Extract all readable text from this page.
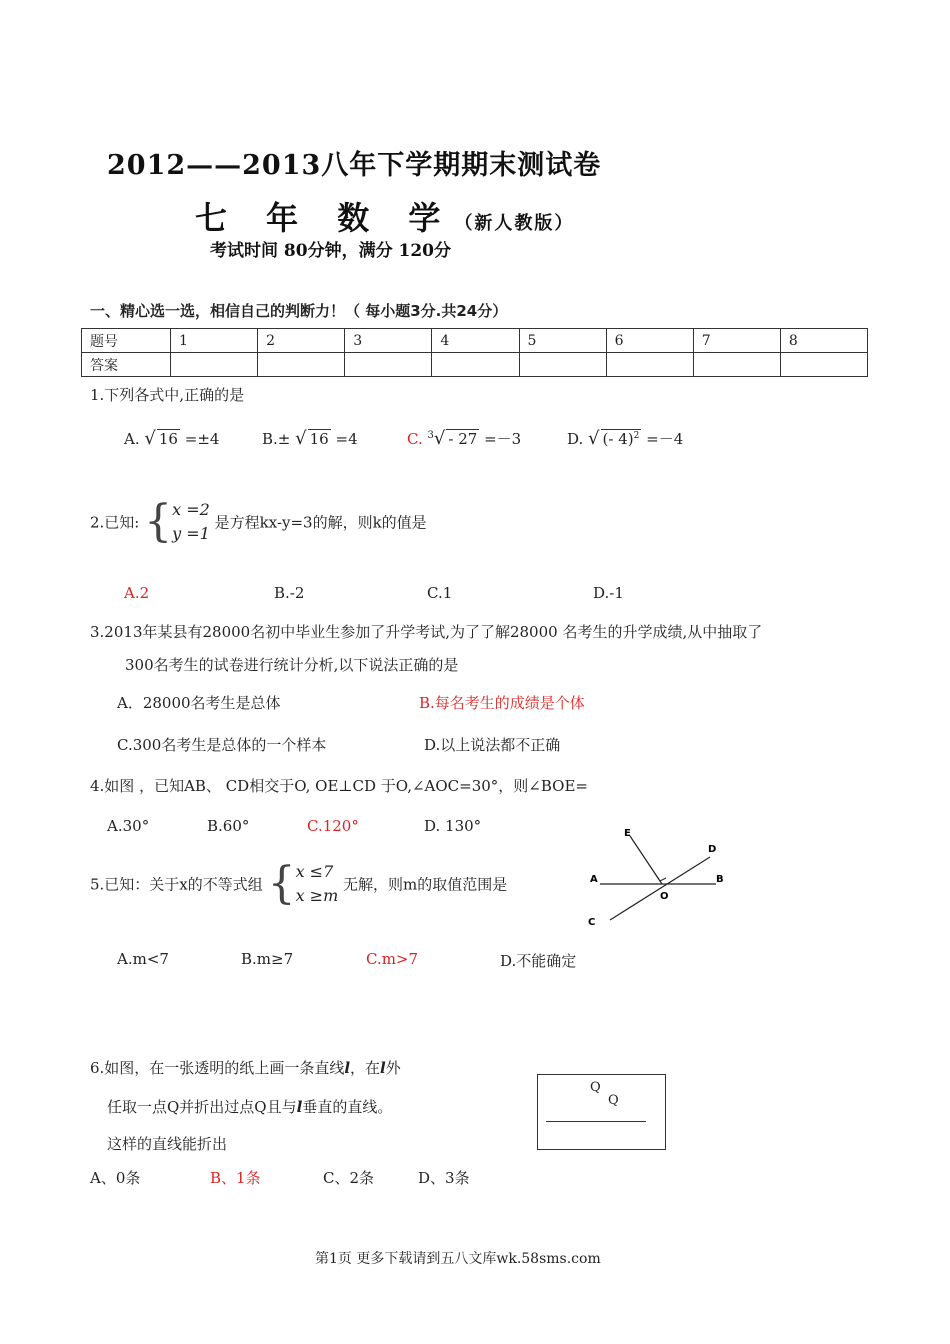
2012——2013八年下学期期末测试卷
七 年 数 学（新人教版）
考试时间 80分钟，满分 120分
一、精心选一选，相信自己的判断力！（ 每小题3分.共24分）
题号	1	2	3	4	5	6	7	8
答案								
1.下列各式中,正确的是
A. √ 16 =±4	B.± √ 16 =4	C. $^3$√ - 27 =－3	D. √ (- 4)$^2$ =－4
2.已知: {x =2
y =1 是方程kx-y=3的解，则k的值是
A.2	B.-2	C.1	D.-1
3.2013年某县有28000名初中毕业生参加了升学考试,为了了解28000 名考生的升学成绩,从中抽取了
300名考生的试卷进行统计分析,以下说法正确的是
A．28000名考生是总体	B.每名考生的成绩是个体
C.300名考生是总体的一个样本	D.以上说法都不正确
4.如图 ，已知AB、 CD相交于O, OE⊥CD 于O,∠AOC=30°，则∠BOE=
A.30°	B.60°	C.120°	D. 130°	E
D
A	B
O
C
5.已知：关于x的不等式组 {x ≤7
x ≥m 无解，则m的取值范围是
A.m<7	B.m≥7	C.m>7	D.不能确定
6.如图，在一张透明的纸上画一条直线l，在l外
任取一点Q并折出过点Q且与l垂直的直线。
这样的直线能折出
A、0条	B、1条	C、2条	D、3条
Q
Q
第1页 更多下载请到五八文库wk.58sms.com
